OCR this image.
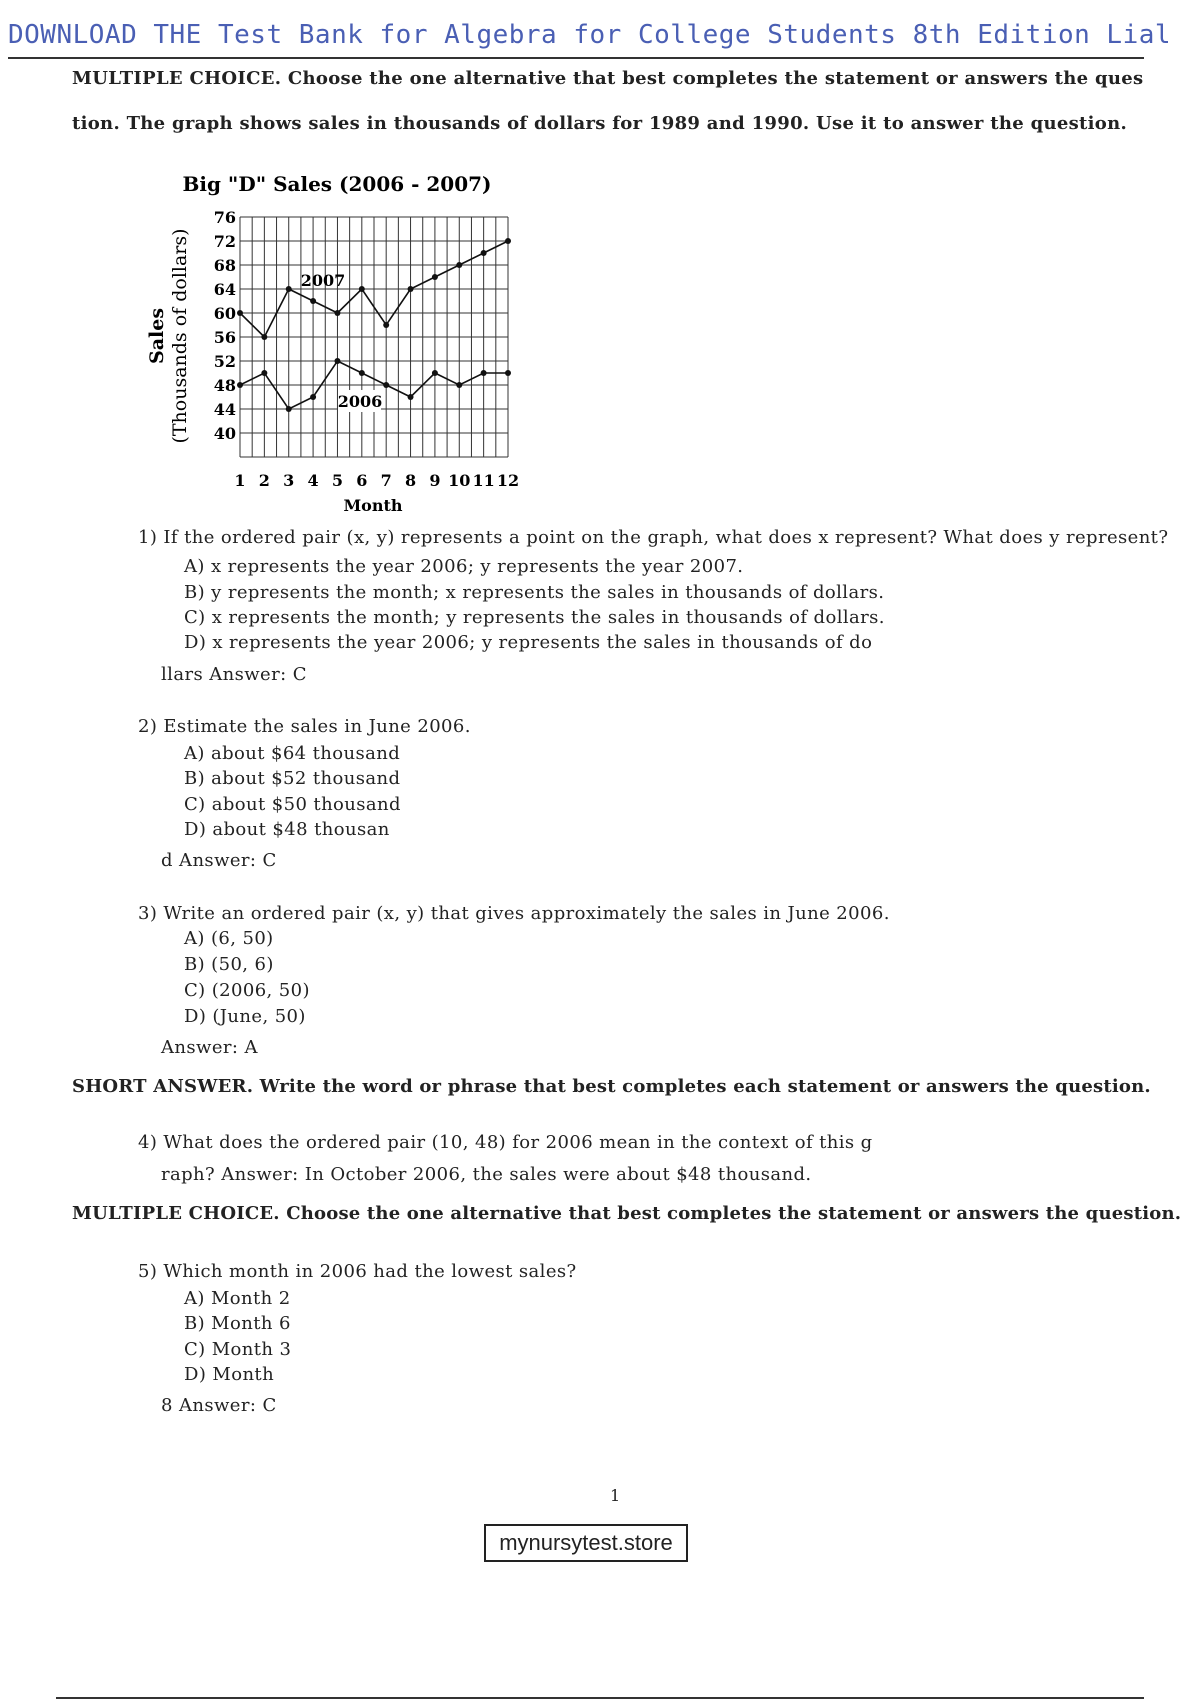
DOWNLOAD THE Test Bank for Algebra for College Students 8th Edition Lial
MULTIPLE CHOICE. Choose the one alternative that best completes the statement or answers the ques
tion. The graph shows sales in thousands of dollars for 1989 and 1990. Use it to answer the question.
Big "D" Sales (2006 - 2007)
40
44
48
52
56
60
64
68
72
76
1 2 3 4 5 6 7 8 9 10 11 12
2007
2006
Month
Sales (Thousands of dollars)
1) If the ordered pair (x, y) represents a point on the graph, what does x represent? What does y represent?
A) x represents the year 2006; y represents the year 2007.
B) y represents the month; x represents the sales in thousands of dollars.
C) x represents the month; y represents the sales in thousands of dollars.
D) x represents the year 2006; y represents the sales in thousands of do
llars Answer: C
2) Estimate the sales in June 2006.
A) about $64 thousand
B) about $52 thousand
C) about $50 thousand
D) about $48 thousan
d Answer: C
3) Write an ordered pair (x, y) that gives approximately the sales in June 2006.
A) (6, 50)
B) (50, 6)
C) (2006, 50)
D) (June, 50)
Answer: A
4) What does the ordered pair (10, 48) for 2006 mean in the context of this g
raph? Answer: In October 2006, the sales were about $48 thousand.
5) Which month in 2006 had the lowest sales?
A) Month 2
B) Month 6
C) Month 3
D) Month
8 Answer: C
SHORT ANSWER. Write the word or phrase that best completes each statement or answers the question.
MULTIPLE CHOICE. Choose the one alternative that best completes the statement or answers the question.
1
mynursytest.store
